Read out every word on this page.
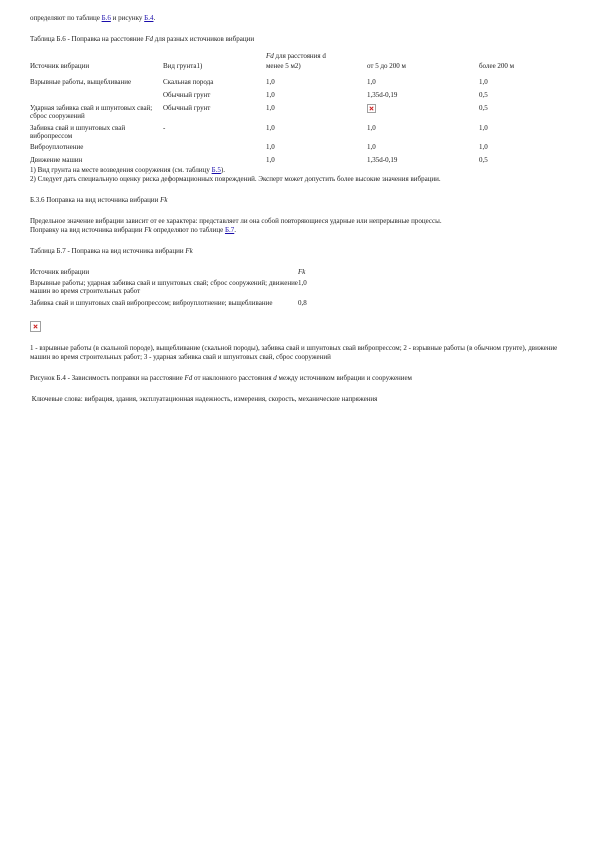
определяют по таблице Б.6 и рисунку Б.4.

Таблица Б.6 - Поправка на расстояние Fd для разных источников вибрации

		Fd для расстояния d		
Источник вибрации	Вид грунта1)	менее 5 м2)	от 5 до 200 м	более 200 м

Взрывные работы, выщебливание	Скальная порода	1,0	1,0	1,0
	Обычный грунт	1,0	1,35d-0,19	0,5
Ударная забивка свай и шпунтовых свай; сброс сооружений	Обычный грунт	1,0		0,5
Забивка свай и шпунтовых свай вибропрессом	-	1,0	1,0	1,0
Виброуплотнение		1,0	1,0	1,0
Движение машин		1,0	1,35d-0,19	0,5

1) Вид грунта на месте возведения сооружения (см. таблицу Б.5).

2) Следует дать специальную оценку риска деформационных повреждений. Эксперт может допустить более высокие значения вибрации.

Б.3.6 Поправка на вид источника вибрации Fk

Предельное значение вибрации зависит от ее характера: представляет ли она собой повторяющиеся ударные или непрерывные процессы.

Поправку на вид источника вибрации Fk определяют по таблице Б.7.

Таблица Б.7 - Поправка на вид источника вибрации Fk

Источник вибрации	Fk
Взрывные работы; ударная забивка свай и шпунтовых свай; сброс сооружений; движение машин во время строительных работ	1,0
Забивка свай и шпунтовых свай вибропрессом; виброуплотнение; выщебливание	0,8

1 - взрывные работы (в скальной породе), выщебливание (скальной породы), забивка свай и шпунтовых свай вибропрессом; 2 - взрывные работы (в обычном грунте), движение машин во время строительных работ; 3 - ударная забивка свай и шпунтовых свай, сброс сооружений

Рисунок Б.4 - Зависимость поправки на расстояние Fd от наклонного расстояния d между источником вибрации и сооружением

Ключевые слова: вибрация, здания, эксплуатационная надежность, измерения, скорость, механические напряжения
